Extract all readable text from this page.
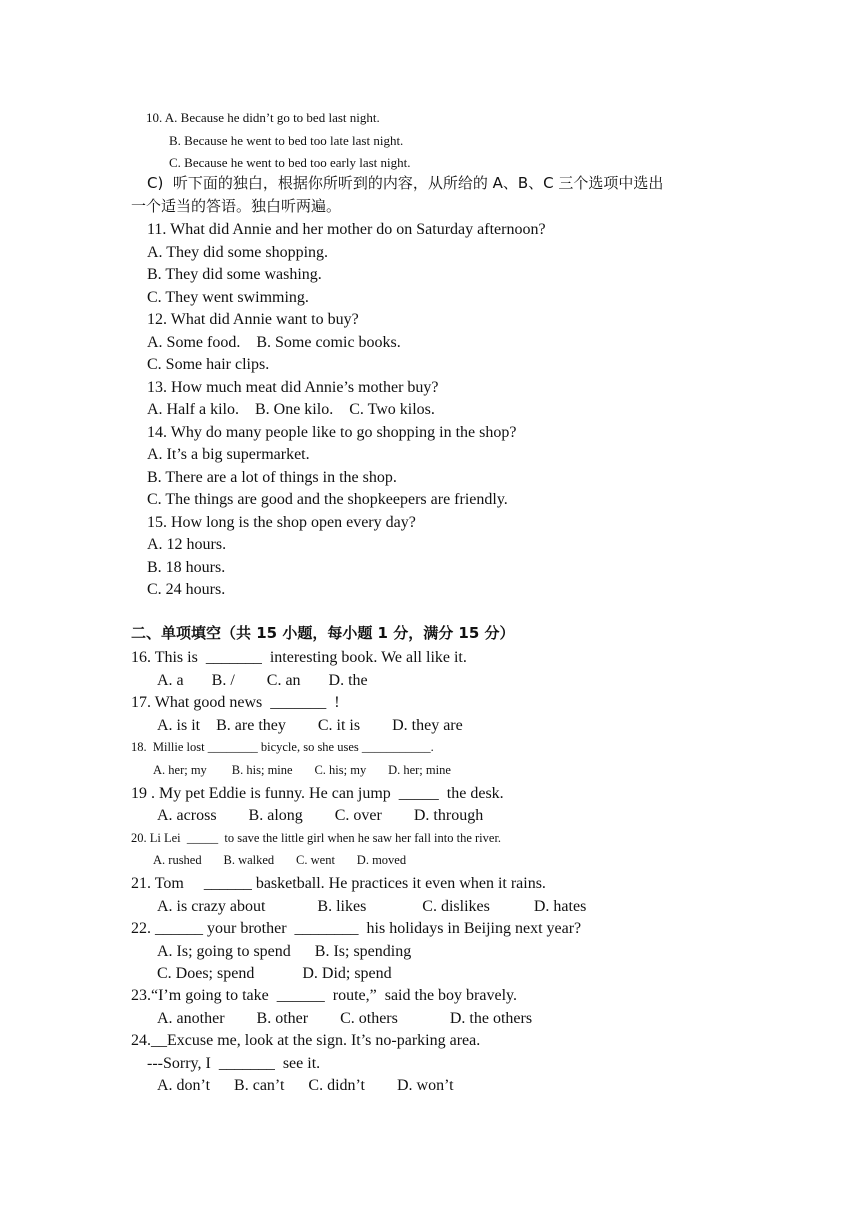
10. A. Because he didn’t go to bed last night.
B. Because he went to bed too late last night.
C. Because he went to bed too early last night.
C)  听下面的独白，根据你所听到的内容，从所给的 A、B、C 三个选项中选出
一个适当的答语。独白听两遍。
11. What did Annie and her mother do on Saturday afternoon?
A. They did some shopping.
B. They did some washing.
C. They went swimming.
12. What did Annie want to buy?
A. Some food.    B. Some comic books.
C. Some hair clips.
13. How much meat did Annie’s mother buy?
A. Half a kilo.    B. One kilo.    C. Two kilos.
14. Why do many people like to go shopping in the shop?
A. It’s a big supermarket.
B. There are a lot of things in the shop.
C. The things are good and the shopkeepers are friendly.
15. How long is the shop open every day?
A. 12 hours.
B. 18 hours.
C. 24 hours.
二、单项填空（共 15 小题，每小题 1 分，满分 15 分）
16. This is  _______  interesting book. We all like it.
A. a       B. /        C. an       D. the
17. What good news  _______  !
A. is it    B. are they        C. it is        D. they are
18.  Millie lost ________ bicycle, so she uses ___________.
A. her; my        B. his; mine       C. his; my       D. her; mine
19 . My pet Eddie is funny. He can jump  _____  the desk.
A. across        B. along        C. over        D. through
20. Li Lei  _____  to save the little girl when he saw her fall into the river.
A. rushed       B. walked       C. went       D. moved
21. Tom     ______ basketball. He practices it even when it rains.
A. is crazy about             B. likes              C. dislikes           D. hates
22. ______ your brother  ________  his holidays in Beijing next year?
A. Is; going to spend      B. Is; spending
C. Does; spend            D. Did; spend
23.“I’m going to take  ______  route,”  said the boy bravely.
A. another        B. other        C. others             D. the others
24.__Excuse me, look at the sign. It’s no-parking area.
---Sorry, I  _______  see it.
A. don’t      B. can’t      C. didn’t        D. won’t
